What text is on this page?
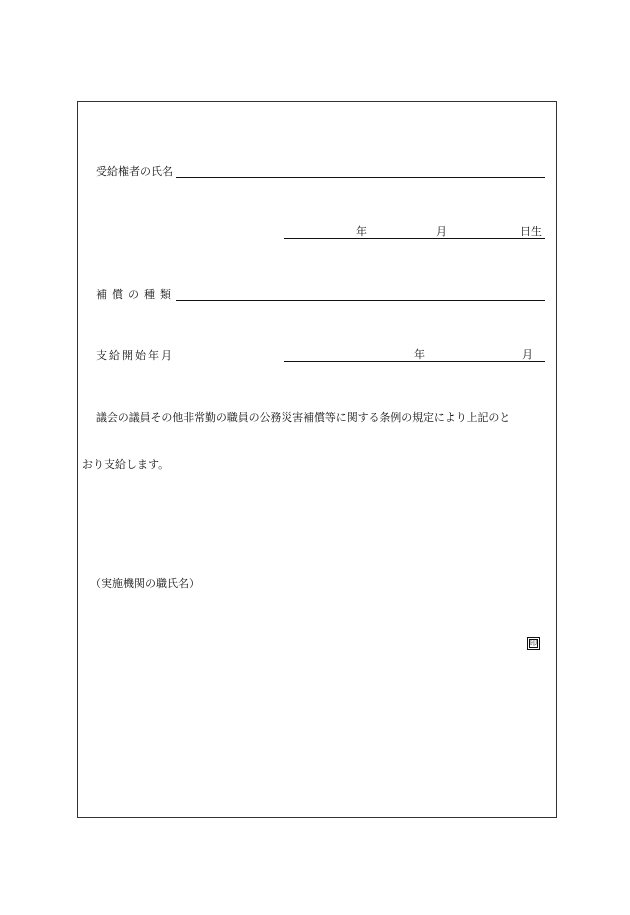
受給権者の氏名
年	月	日生
補償の種類
支給開始年月	年	月
議会の議員その他非常勤の職員の公務災害補償等に関する条例の規定により上記のと
おり支給します。
（実施機関の職氏名）
印
